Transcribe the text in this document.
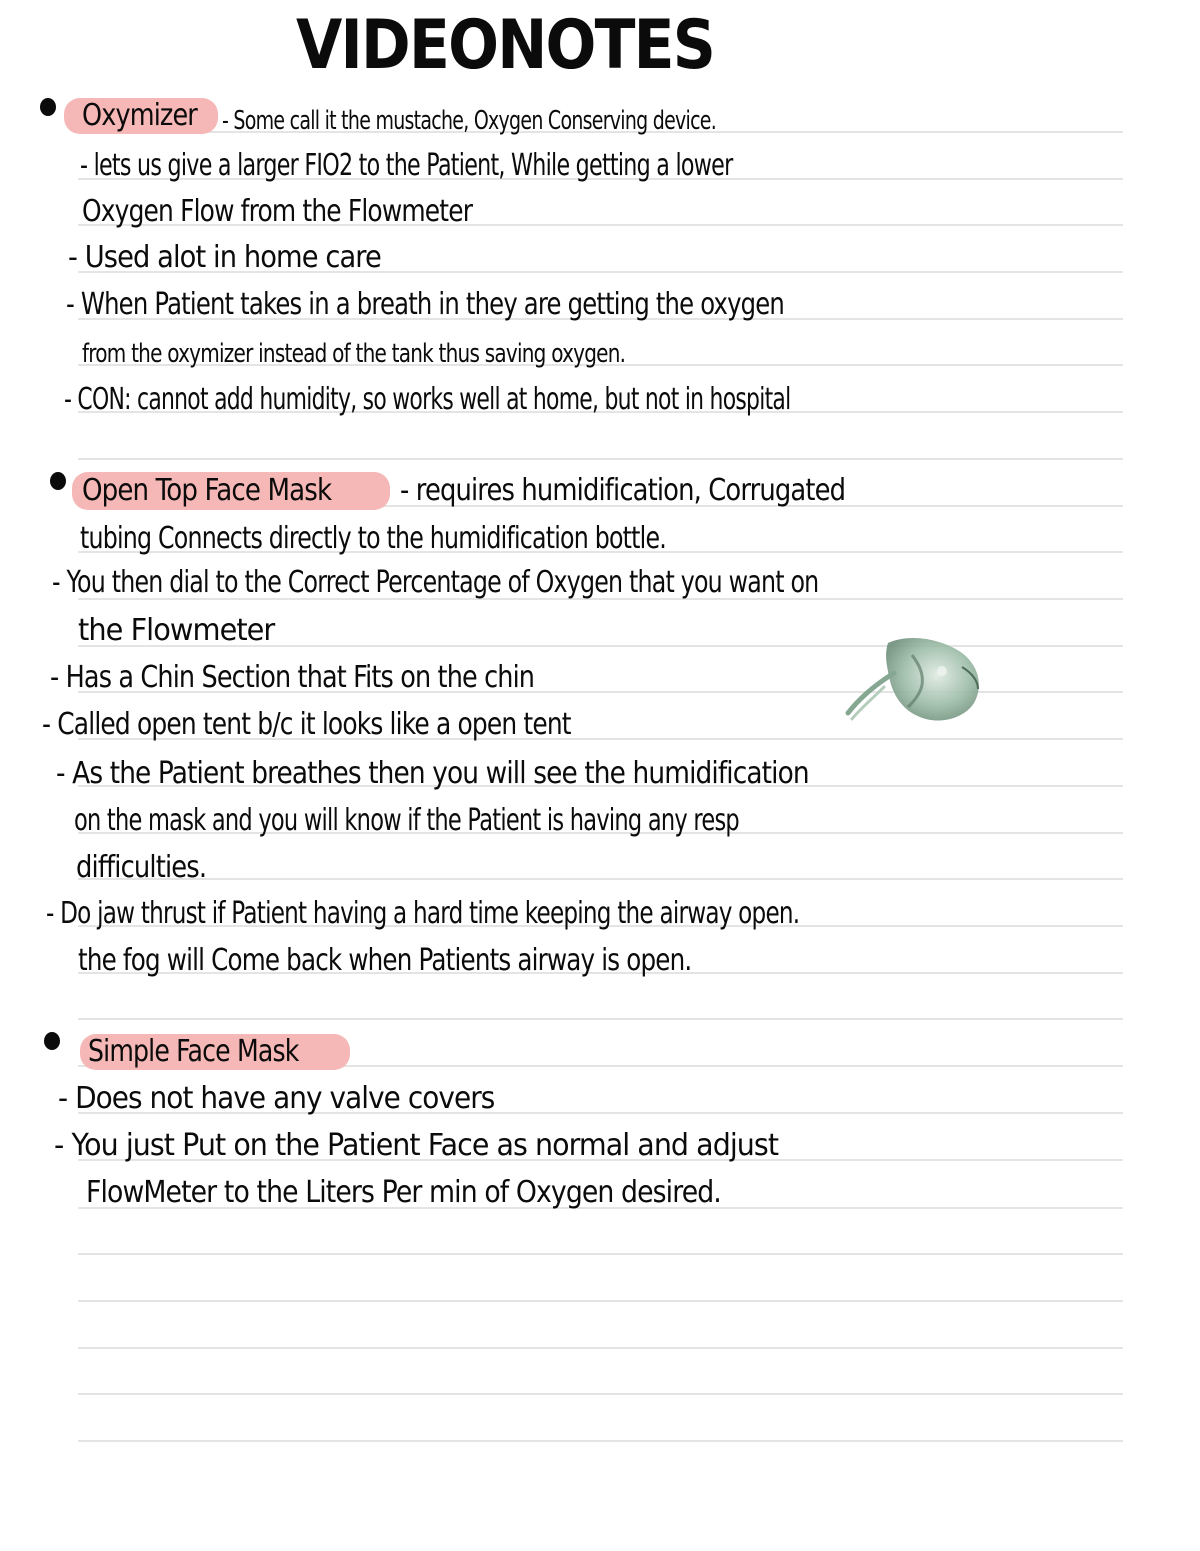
VIDEONOTES
Oxymizer - Some call it the mustache, Oxygen Conserving device.
- lets us give a larger FIO2 to the Patient, While getting a lower
Oxygen Flow from the Flowmeter
- Used alot in home care
- When Patient takes in a breath in they are getting the oxygen
from the oxymizer instead of the tank thus saving oxygen.
- CON: cannot add humidity, so works well at home, but not in hospital
Open Top Face Mask - requires humidification, Corrugated
tubing Connects directly to the humidification bottle.
- You then dial to the Correct Percentage of Oxygen that you want on
the Flowmeter
- Has a Chin Section that Fits on the chin
- Called open tent b/c it looks like a open tent
- As the Patient breathes then you will see the humidification
on the mask and you will know if the Patient is having any resp
difficulties.
- Do jaw thrust if Patient having a hard time keeping the airway open.
the fog will Come back when Patients airway is open.
Simple Face Mask
- Does not have any valve covers
- You just Put on the Patient Face as normal and adjust
FlowMeter to the Liters Per min of Oxygen desired.
